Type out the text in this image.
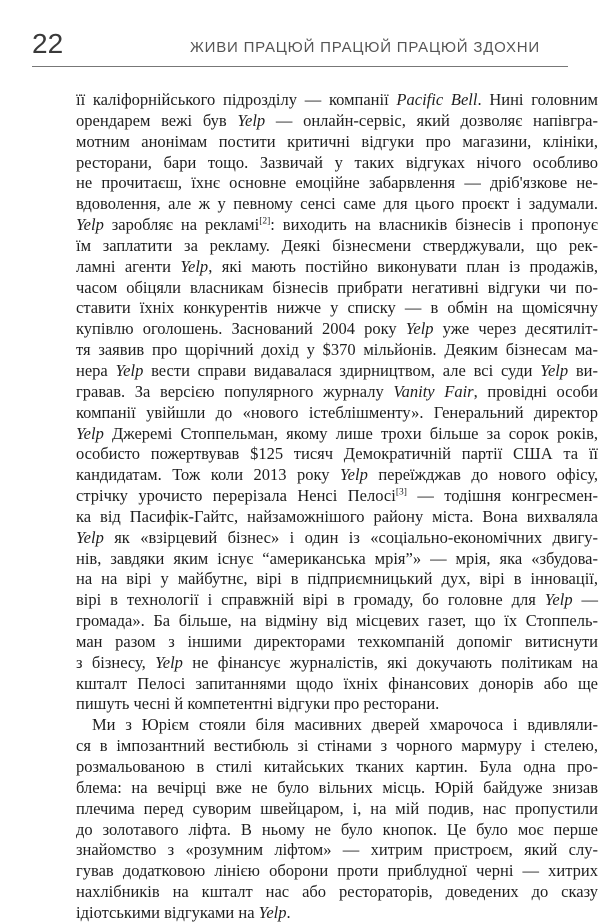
22	ЖИВИ ПРАЦЮЙ ПРАЦЮЙ ПРАЦЮЙ ЗДОХНИ

її каліфорнійського підрозділу — компанії Pacific Bell. Нині головним
орендарем вежі був Yelp — онлайн-сервіс, який дозволяє напівгра-
мотним анонімам постити критичні відгуки про магазини, клініки,
ресторани, бари тощо. Зазвичай у таких відгуках нічого особливо
не прочитаєш, їхнє основне емоційне забарвлення — дріб'язкове не-
вдоволення, але ж у певному сенсі саме для цього проєкт і задумали.
Yelp заробляє на рекламі[2]: виходить на власників бізнесів і пропонує
їм заплатити за рекламу. Деякі бізнесмени стверджували, що рек-
ламні агенти Yelp, які мають постійно виконувати план із продажів,
часом обіцяли власникам бізнесів прибрати негативні відгуки чи по-
ставити їхніх конкурентів нижче у списку — в обмін на щомісячну
купівлю оголошень. Заснований 2004 року Yelp уже через десятиліт-
тя заявив про щорічний дохід у $370 мільйонів. Деяким бізнесам ма-
нера Yelp вести справи видавалася здирництвом, але всі суди Yelp ви-
гравав. За версією популярного журналу Vanity Fair, провідні особи
компанії увійшли до «нового істеблішменту». Генеральний директор
Yelp Джеремі Стоппельман, якому лише трохи більше за сорок років,
особисто пожертвував $125 тисяч Демократичній партії США та її
кандидатам. Тож коли 2013 року Yelp переїжджав до нового офісу,
стрічку урочисто перерізала Ненсі Пелосі[3] — тодішня конгресмен-
ка від Пасифік-Гайтс, найзаможнішого району міста. Вона вихваляла
Yelp як «взірцевий бізнес» і один із «соціально-економічних двигу-
нів, завдяки яким існує “американська мрія”» — мрія, яка «збудова-
на на вірі у майбутнє, вірі в підприємницький дух, вірі в інновації,
вірі в технології і справжній вірі в громаду, бо головне для Yelp —
громада». Ба більше, на відміну від місцевих газет, що їх Стоппель-
ман разом з іншими директорами техкомпаній допоміг витиснути
з бізнесу, Yelp не фінансує журналістів, які докучають політикам на
кшталт Пелосі запитаннями щодо їхніх фінансових донорів або ще
пишуть чесні й компетентні відгуки про ресторани.

Ми з Юрієм стояли біля масивних дверей хмарочоса і вдивляли-
ся в імпозантний вестибюль зі стінами з чорного мармуру і стелею,
розмальованою в стилі китайських тканих картин. Була одна про-
блема: на вечірці вже не було вільних місць. Юрій байдуже знизав
плечима перед суворим швейцаром, і, на мій подив, нас пропустили
до золотавого ліфта. В ньому не було кнопок. Це було моє перше
знайомство з «розумним ліфтом» — хитрим пристроєм, який слу-
гував додатковою лінією оборони проти приблудної черні — хитрих
нахлібників на кшталт нас або рестораторів, доведених до сказу
ідіотськими відгуками на Yelp.
